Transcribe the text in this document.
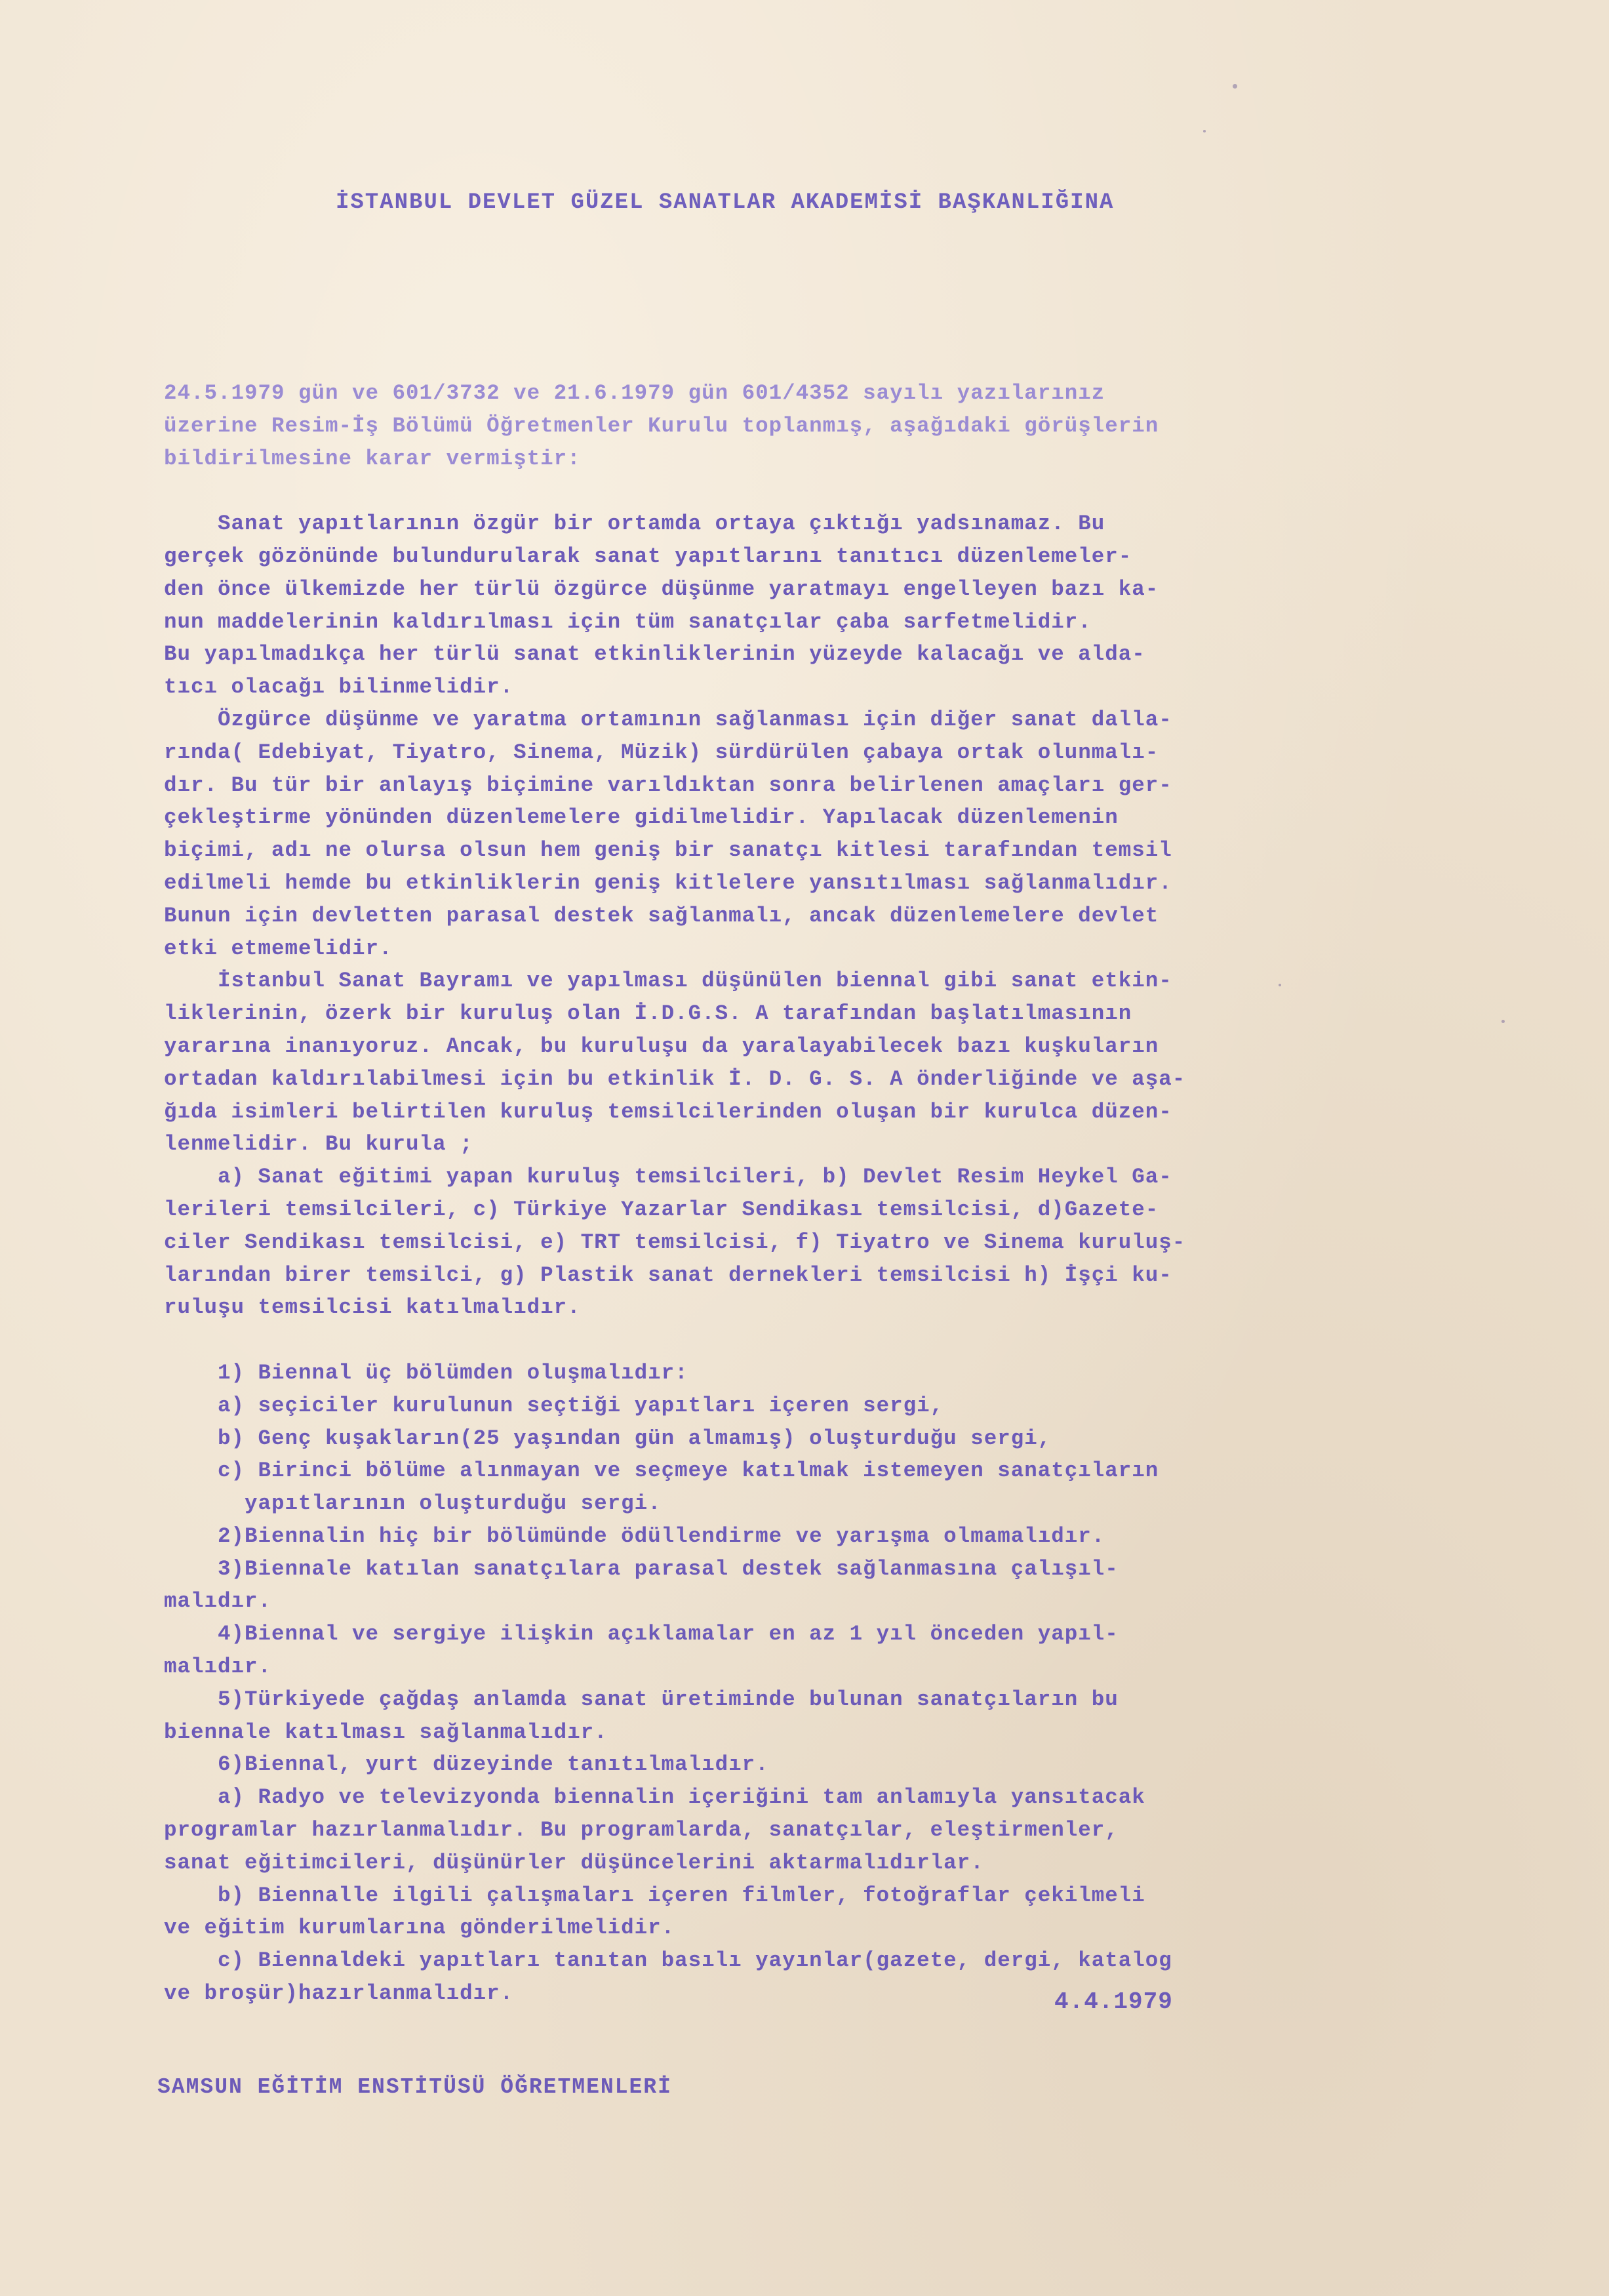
İSTANBUL DEVLET GÜZEL SANATLAR AKADEMİSİ BAŞKANLIĞINA
24.5.1979 gün ve 601/3732 ve 21.6.1979 gün 601/4352 sayılı yazılarınız
üzerine Resim-İş Bölümü Öğretmenler Kurulu toplanmış, aşağıdaki görüşlerin
bildirilmesine karar vermiştir:
Sanat yapıtlarının özgür bir ortamda ortaya çıktığı yadsınamaz. Bu
gerçek gözönünde bulundurularak sanat yapıtlarını tanıtıcı düzenlemeler-
den önce ülkemizde her türlü özgürce düşünme yaratmayı engelleyen bazı ka-
nun maddelerinin kaldırılması için tüm sanatçılar çaba sarfetmelidir.
Bu yapılmadıkça her türlü sanat etkinliklerinin yüzeyde kalacağı ve alda-
tıcı olacağı bilinmelidir.
Özgürce düşünme ve yaratma ortamının sağlanması için diğer sanat dalla-
rında( Edebiyat, Tiyatro, Sinema, Müzik) sürdürülen çabaya ortak olunmalı-
dır. Bu tür bir anlayış biçimine varıldıktan sonra belirlenen amaçları ger-
çekleştirme yönünden düzenlemelere gidilmelidir. Yapılacak düzenlemenin
biçimi, adı ne olursa olsun hem geniş bir sanatçı kitlesi tarafından temsil
edilmeli hemde bu etkinliklerin geniş kitlelere yansıtılması sağlanmalıdır.
Bunun için devletten parasal destek sağlanmalı, ancak düzenlemelere devlet
etki etmemelidir.
İstanbul Sanat Bayramı ve yapılması düşünülen biennal gibi sanat etkin-
liklerinin, özerk bir kuruluş olan İ.D.G.S. A tarafından başlatılmasının
yararına inanıyoruz. Ancak, bu kuruluşu da yaralayabilecek bazı kuşkuların
ortadan kaldırılabilmesi için bu etkinlik İ. D. G. S. A önderliğinde ve aşa-
ğıda isimleri belirtilen kuruluş temsilcilerinden oluşan bir kurulca düzen-
lenmelidir. Bu kurula ;
a) Sanat eğitimi yapan kuruluş temsilcileri, b) Devlet Resim Heykel Ga-
lerileri temsilcileri, c) Türkiye Yazarlar Sendikası temsilcisi, d)Gazete-
ciler Sendikası temsilcisi, e) TRT temsilcisi, f) Tiyatro ve Sinema kuruluş-
larından birer temsilci, g) Plastik sanat dernekleri temsilcisi h) İşçi ku-
ruluşu temsilcisi katılmalıdır.
1) Biennal üç bölümden oluşmalıdır:
a) seçiciler kurulunun seçtiği yapıtları içeren sergi,
b) Genç kuşakların(25 yaşından gün almamış) oluşturduğu sergi,
c) Birinci bölüme alınmayan ve seçmeye katılmak istemeyen sanatçıların
yapıtlarının oluşturduğu sergi.
2)Biennalin hiç bir bölümünde ödüllendirme ve yarışma olmamalıdır.
3)Biennale katılan sanatçılara parasal destek sağlanmasına çalışıl-
malıdır.
4)Biennal ve sergiye ilişkin açıklamalar en az 1 yıl önceden yapıl-
malıdır.
5)Türkiyede çağdaş anlamda sanat üretiminde bulunan sanatçıların bu
biennale katılması sağlanmalıdır.
6)Biennal, yurt düzeyinde tanıtılmalıdır.
a) Radyo ve televizyonda biennalin içeriğini tam anlamıyla yansıtacak
programlar hazırlanmalıdır. Bu programlarda, sanatçılar, eleştirmenler,
sanat eğitimcileri, düşünürler düşüncelerini aktarmalıdırlar.
b) Biennalle ilgili çalışmaları içeren filmler, fotoğraflar çekilmeli
ve eğitim kurumlarına gönderilmelidir.
c) Biennaldeki yapıtları tanıtan basılı yayınlar(gazete, dergi, katalog
ve broşür)hazırlanmalıdır.	4.4.1979
SAMSUN EĞİTİM ENSTİTÜSÜ ÖĞRETMENLERİ
